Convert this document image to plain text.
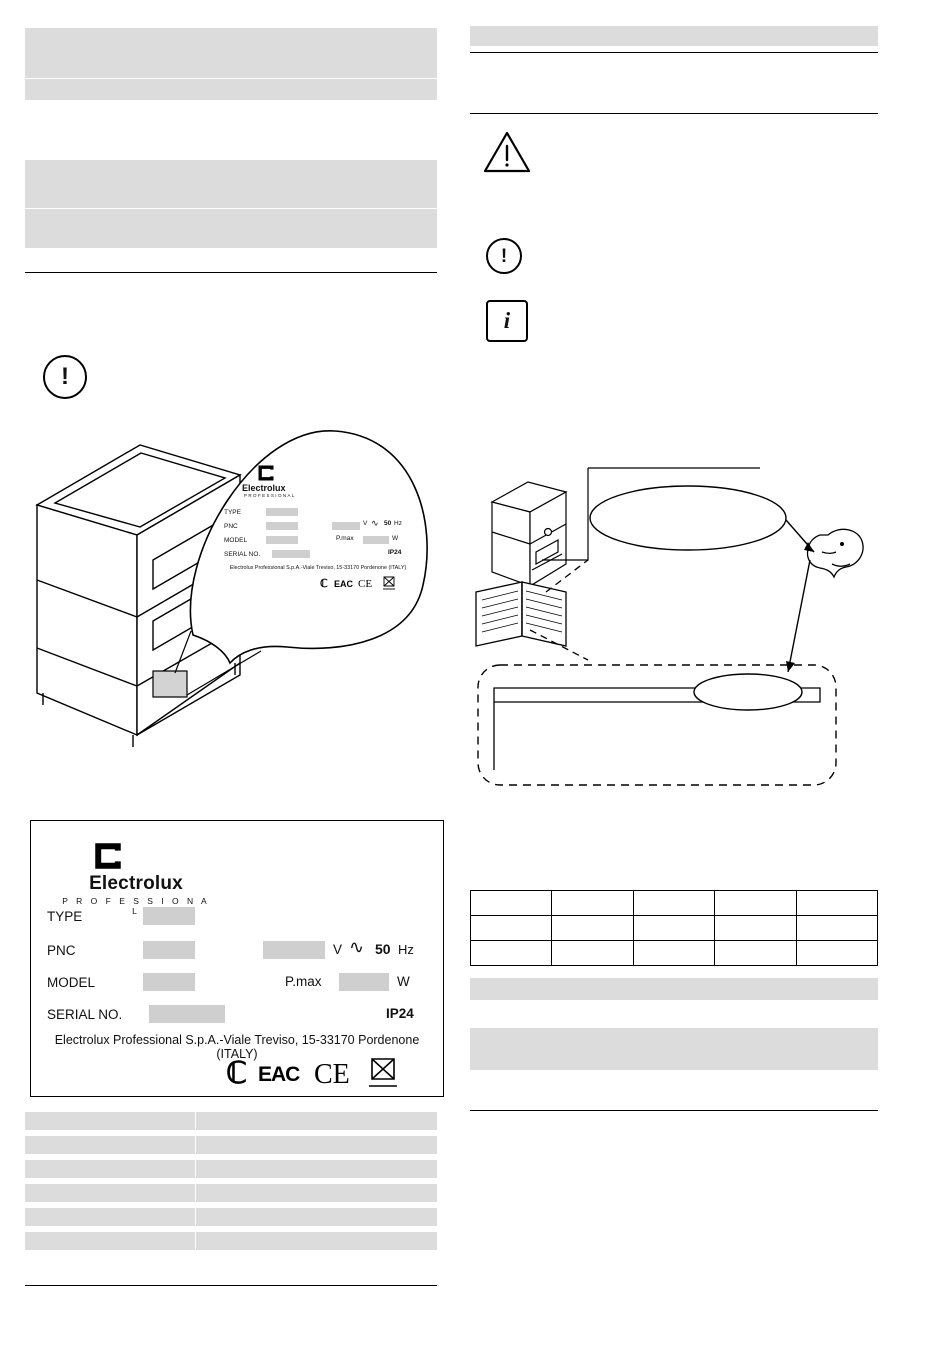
!
Electrolux
PROFESSIONAL
TYPE
PNC	V ∿ 50 Hz
MODEL	P.max	W
SERIAL NO.	IP24
Electrolux Professional S.p.A.-Viale Treviso, 15-33170 Pordenone (ITALY)
ℂ EAC CE
Electrolux
P R O F E S S I O N A L
TYPE
PNC	V ∿ 50 Hz
MODEL	P.max	W
SERIAL NO.	IP24
Electrolux Professional S.p.A.-Viale Treviso, 15-33170 Pordenone (ITALY)
ℂ EAC CE
!
i
